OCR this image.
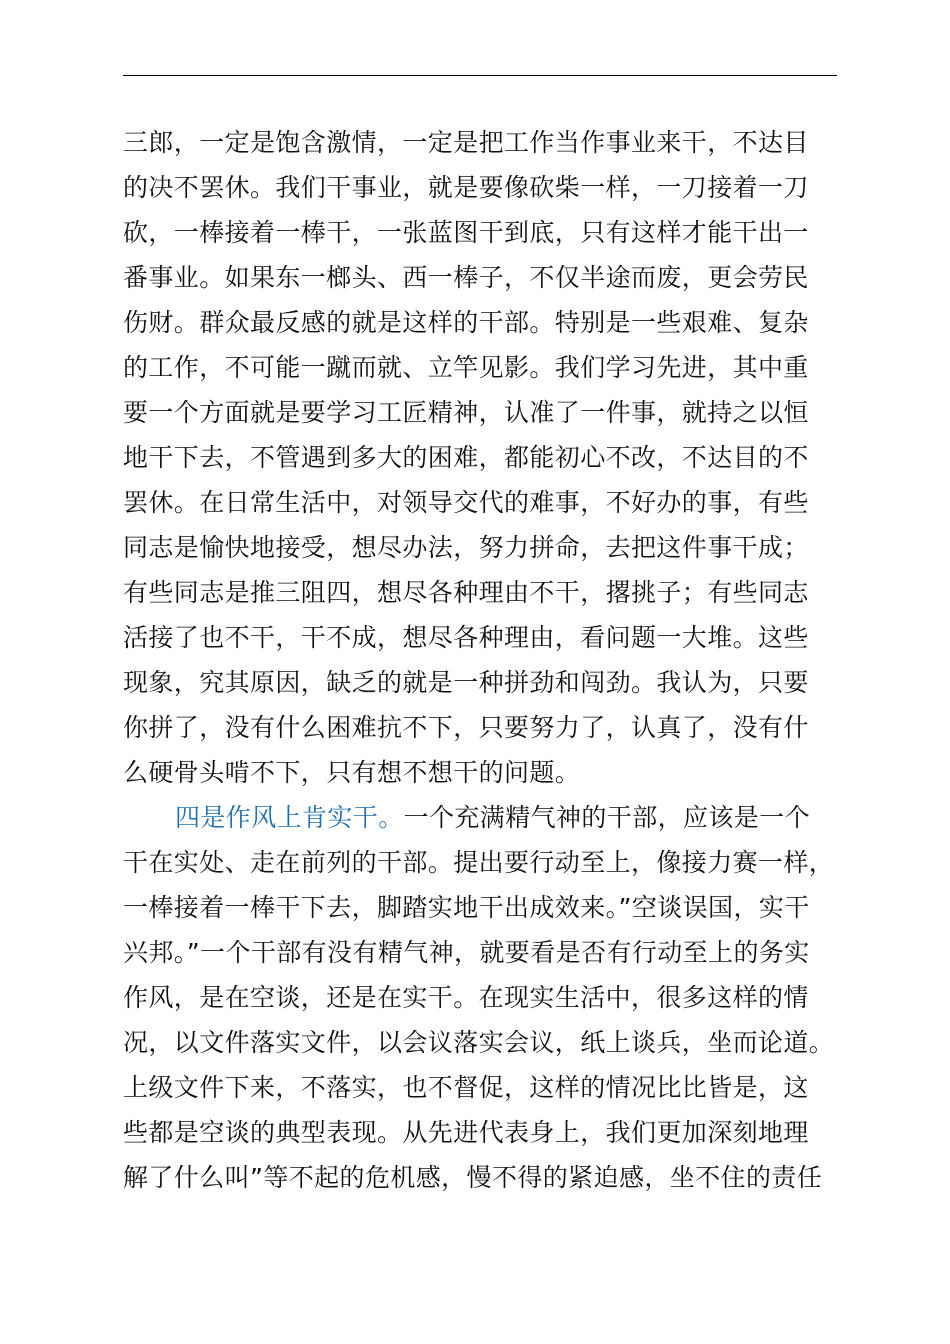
三郎，一定是饱含激情，一定是把工作当作事业来干，不达目
的决不罢休。我们干事业，就是要像砍柴一样，一刀接着一刀
砍，一棒接着一棒干，一张蓝图干到底，只有这样才能干出一
番事业。如果东一榔头、西一棒子，不仅半途而废，更会劳民
伤财。群众最反感的就是这样的干部。特别是一些艰难、复杂
的工作，不可能一蹴而就、立竿见影。我们学习先进，其中重
要一个方面就是要学习工匠精神，认准了一件事，就持之以恒
地干下去，不管遇到多大的困难，都能初心不改，不达目的不
罢休。在日常生活中，对领导交代的难事，不好办的事，有些
同志是愉快地接受，想尽办法，努力拼命，去把这件事干成；
有些同志是推三阻四，想尽各种理由不干，撂挑子；有些同志
活接了也不干，干不成，想尽各种理由，看问题一大堆。这些
现象，究其原因，缺乏的就是一种拼劲和闯劲。我认为，只要
你拼了，没有什么困难抗不下，只要努力了，认真了，没有什
么硬骨头啃不下，只有想不想干的问题。
四是作风上肯实干。一个充满精气神的干部，应该是一个
干在实处、走在前列的干部。提出要行动至上，像接力赛一样，
一棒接着一棒干下去，脚踏实地干出成效来。”空谈误国，实干
兴邦。”一个干部有没有精气神，就要看是否有行动至上的务实
作风，是在空谈，还是在实干。在现实生活中，很多这样的情
况，以文件落实文件，以会议落实会议，纸上谈兵，坐而论道。
上级文件下来，不落实，也不督促，这样的情况比比皆是，这
些都是空谈的典型表现。从先进代表身上，我们更加深刻地理
解了什么叫”等不起的危机感，慢不得的紧迫感，坐不住的责任
